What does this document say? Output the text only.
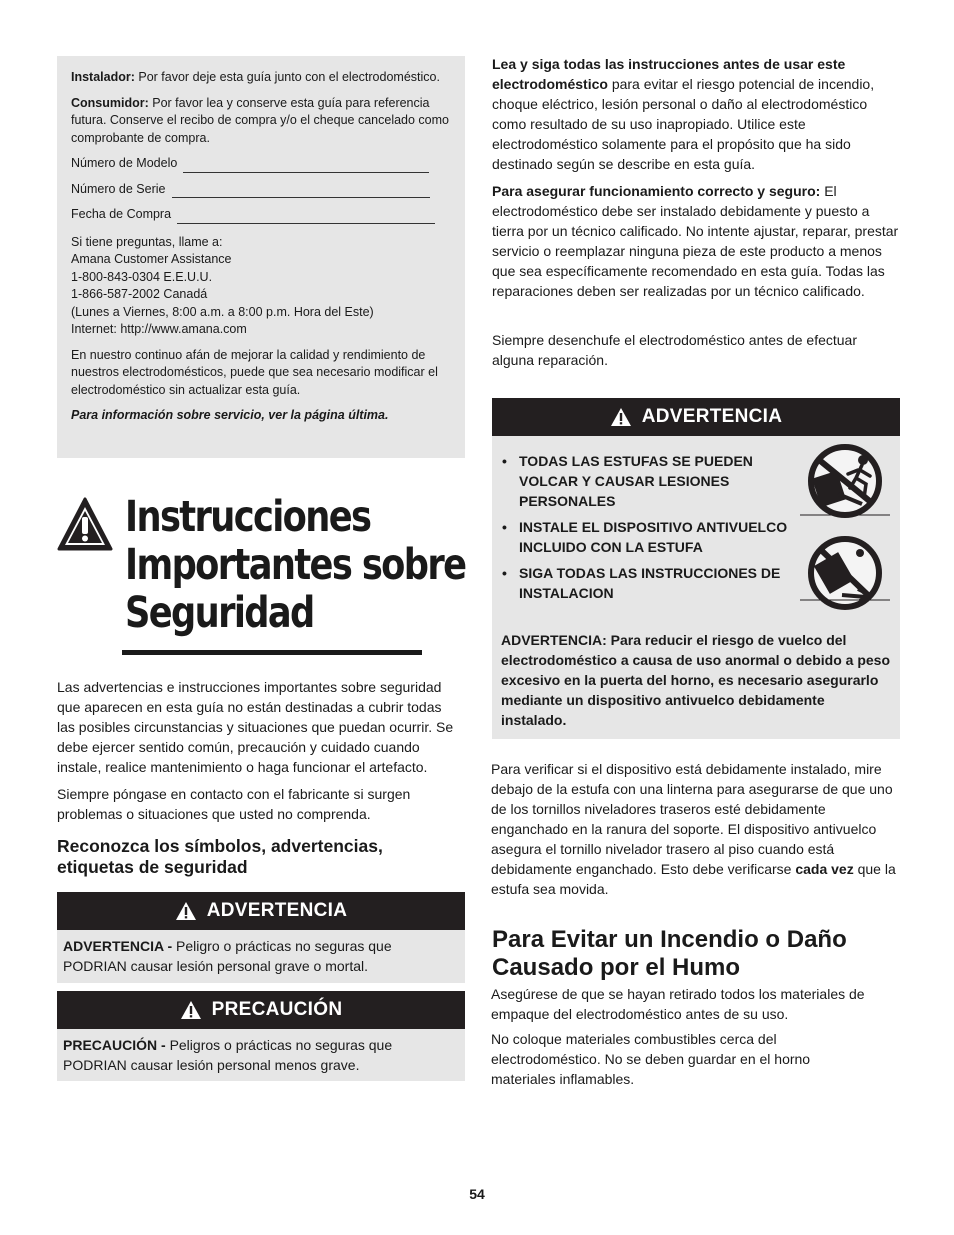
Instalador: Por favor deje esta guía junto con el electrodoméstico.

Consumidor: Por favor lea y conserve esta guía para referencia futura. Conserve el recibo de compra y/o el cheque cancelado como comprobante de compra.

Número de Modelo
Número de Serie
Fecha de Compra

Si tiene preguntas, llame a:
Amana Customer Assistance
1-800-843-0304 E.E.U.U.
1-866-587-2002 Canadá
(Lunes a Viernes, 8:00 a.m. a 8:00 p.m. Hora del Este)
Internet: http://www.amana.com

En nuestro continuo afán de mejorar la calidad y rendimiento de nuestros electrodomésticos, puede que sea necesario modificar el electrodoméstico sin actualizar esta guía.

Para información sobre servicio, ver la página última.

Instrucciones
Importantes sobre
Seguridad

Las advertencias e instrucciones importantes sobre seguridad que aparecen en esta guía no están destinadas a cubrir todas las posibles circunstancias y situaciones que puedan ocurrir. Se debe ejercer sentido común, precaución y cuidado cuando instale, realice mantenimiento o haga funcionar el artefacto.

Siempre póngase en contacto con el fabricante si surgen problemas o situaciones que usted no comprenda.

Reconozca los símbolos, advertencias, etiquetas de seguridad
ADVERTENCIA
ADVERTENCIA - Peligro o prácticas no seguras que PODRIAN causar lesión personal grave o mortal.
PRECAUCIÓN
PRECAUCIÓN - Peligros o prácticas no seguras que PODRIAN causar lesión personal menos grave.

Lea y siga todas las instrucciones antes de usar este electrodoméstico para evitar el riesgo potencial de incendio, choque eléctrico, lesión personal o daño al electrodoméstico como resultado de su uso inapropiado. Utilice este electrodoméstico solamente para el propósito que ha sido destinado según se describe en esta guía.

Para asegurar funcionamiento correcto y seguro: El electrodoméstico debe ser instalado debidamente y puesto a tierra por un técnico calificado. No intente ajustar, reparar, prestar servicio o reemplazar ninguna pieza de este producto a menos que sea específicamente recomendado en esta guía. Todas las reparaciones deben ser realizadas por un técnico calificado.

Siempre desenchufe el electrodoméstico antes de efectuar alguna reparación.

ADVERTENCIA
• TODAS LAS ESTUFAS SE PUEDEN VOLCAR Y CAUSAR LESIONES PERSONALES
• INSTALE EL DISPOSITIVO ANTIVUELCO INCLUIDO CON LA ESTUFA
• SIGA TODAS LAS INSTRUCCIONES DE INSTALACION

ADVERTENCIA: Para reducir el riesgo de vuelco del electrodoméstico a causa de uso anormal o debido a peso excesivo en la puerta del horno, es necesario asegurarlo mediante un dispositivo antivuelco debidamente instalado.

Para verificar si el dispositivo está debidamente instalado, mire debajo de la estufa con una linterna para asegurarse de que uno de los tornillos niveladores traseros esté debidamente enganchado en la ranura del soporte. El dispositivo antivuelco asegura el tornillo nivelador trasero al piso cuando está debidamente enganchado. Esto debe verificarse cada vez que la estufa sea movida.

Para Evitar un Incendio o Daño Causado por el Humo

Asegúrese de que se hayan retirado todos los materiales de empaque del electrodoméstico antes de su uso.

No coloque materiales combustibles cerca del electrodoméstico. No se deben guardar en el horno materiales inflamables.

54
